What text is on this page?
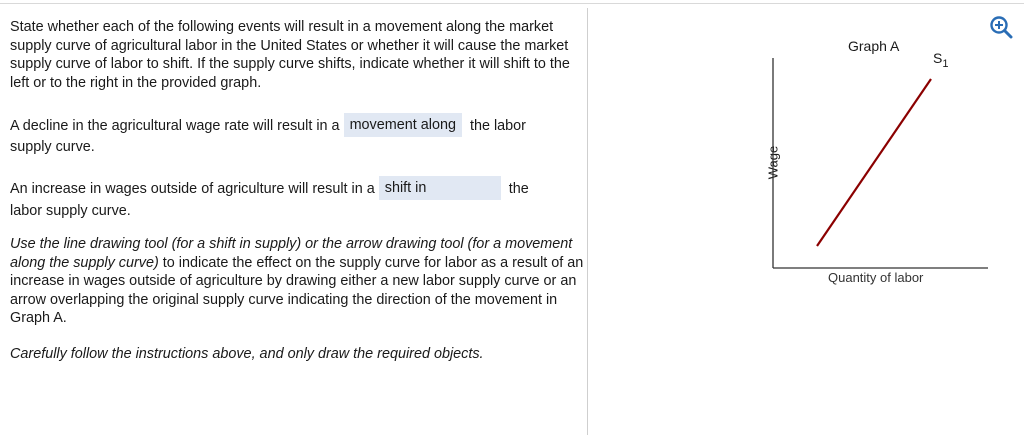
State whether each of the following events will result in a movement along the market supply curve of agricultural labor in the United States or whether it will cause the market supply curve of labor to shift. If the supply curve shifts, indicate whether it will shift to the left or to the right in the provided graph.

A decline in the agricultural wage rate will result in a movement along the labor
supply curve.
An increase in wages outside of agriculture will result in a shift in	the
labor supply curve.

Use the line drawing tool (for a shift in supply) or the arrow drawing tool (for a movement along the supply curve) to indicate the effect on the supply curve for labor as a result of an increase in wages outside of agriculture by drawing either a new labor supply curve or an arrow overlapping the original supply curve indicating the direction of the movement in Graph A.

Carefully follow the instructions above, and only draw the required objects.

Graph A
$S_1$
Wage
Quantity of labor
